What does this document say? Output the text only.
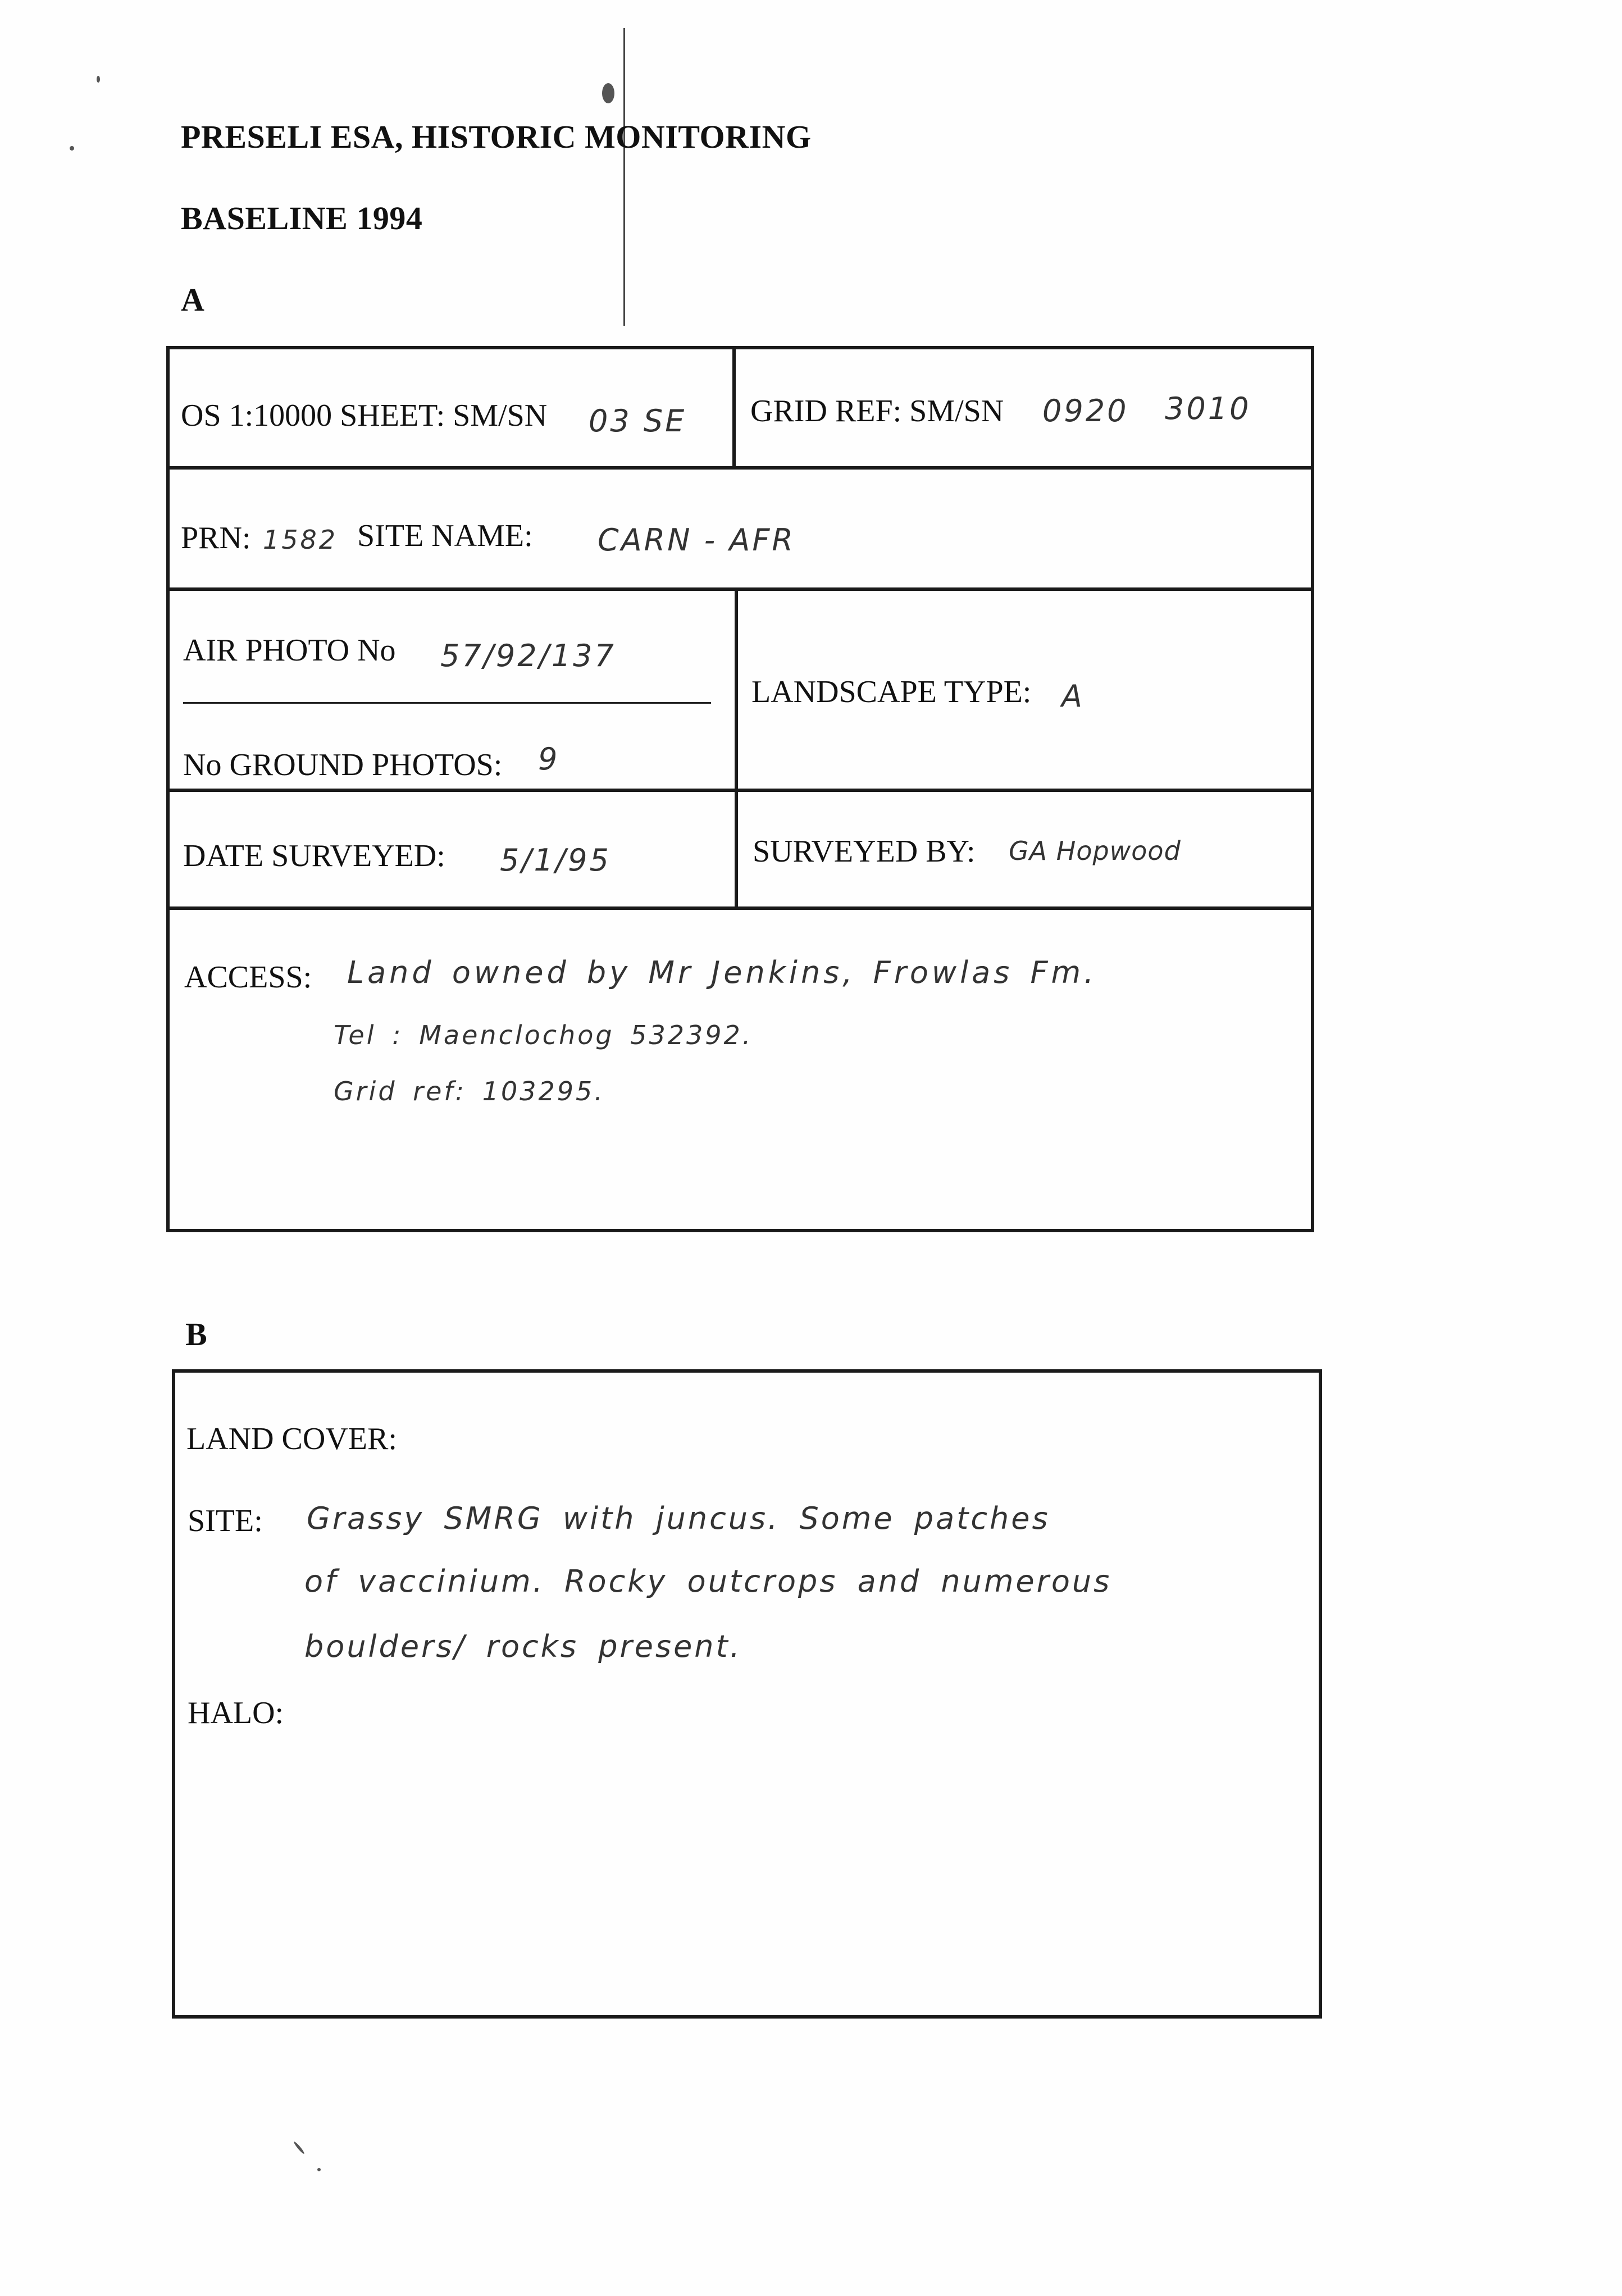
PRESELI ESA, HISTORIC MONITORING
BASELINE 1994
A
OS 1:10000 SHEET: SM/SN 03 SE GRID REF: SM/SN 0920 3010
PRN: 1582 SITE NAME: CARN - AFR
AIR PHOTO No 57/92/137
No GROUND PHOTOS: 9
LANDSCAPE TYPE: A
DATE SURVEYED: 5/1/95	SURVEYED BY: GA Hopwood
ACCESS: Land owned by Mr Jenkins, Frowlas Fm.
Tel : Maenclochog 532392.
Grid ref: 103295.
B
LAND COVER:
SITE: Grassy SMRG with juncus. Some patches
of vaccinium. Rocky outcrops and numerous
boulders/ rocks present.
HALO:
